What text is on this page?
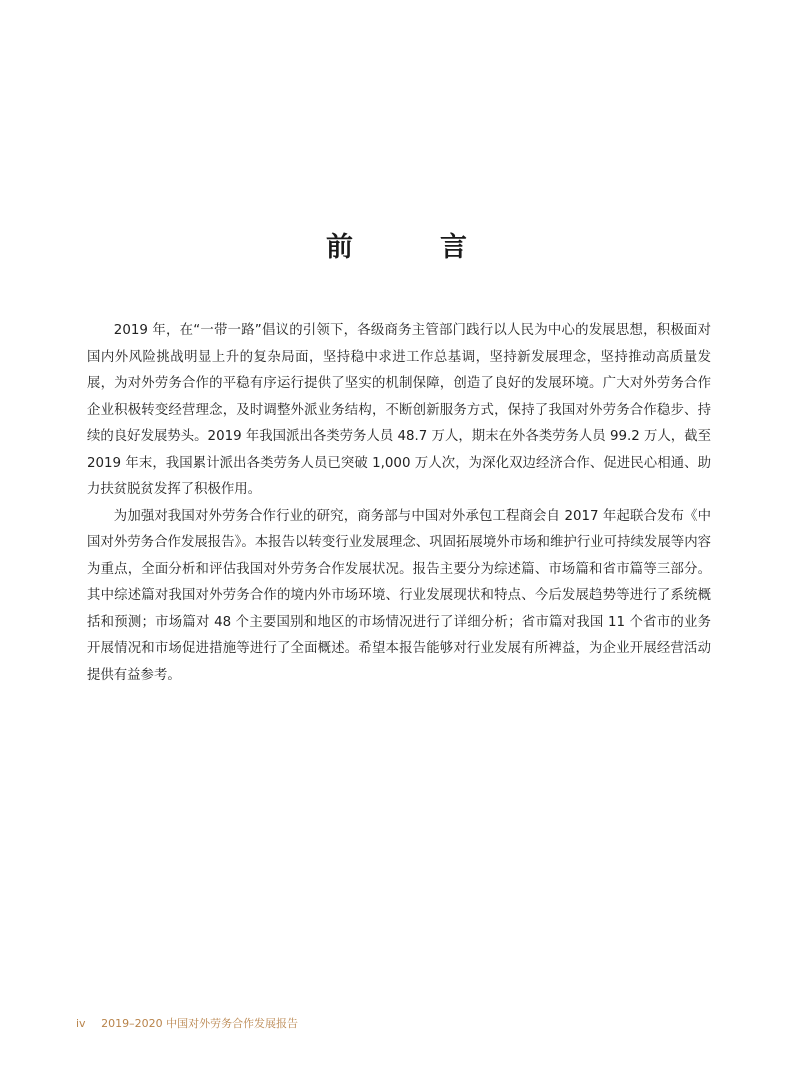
前　言

2019 年，在“一带一路”倡议的引领下，各级商务主管部门践行以人民为中心的发展思想，积极面对国内外风险挑战明显上升的复杂局面，坚持稳中求进工作总基调，坚持新发展理念，坚持推动高质量发展，为对外劳务合作的平稳有序运行提供了坚实的机制保障，创造了良好的发展环境。广大对外劳务合作企业积极转变经营理念，及时调整外派业务结构，不断创新服务方式，保持了我国对外劳务合作稳步、持续的良好发展势头。2019 年我国派出各类劳务人员 48.7 万人，期末在外各类劳务人员 99.2 万人，截至 2019 年末，我国累计派出各类劳务人员已突破 1,000 万人次，为深化双边经济合作、促进民心相通、助力扶贫脱贫发挥了积极作用。

为加强对我国对外劳务合作行业的研究，商务部与中国对外承包工程商会自 2017 年起联合发布《中国对外劳务合作发展报告》。本报告以转变行业发展理念、巩固拓展境外市场和维护行业可持续发展等内容为重点，全面分析和评估我国对外劳务合作发展状况。报告主要分为综述篇、市场篇和省市篇等三部分。其中综述篇对我国对外劳务合作的境内外市场环境、行业发展现状和特点、今后发展趋势等进行了系统概括和预测；市场篇对 48 个主要国别和地区的市场情况进行了详细分析；省市篇对我国 11 个省市的业务开展情况和市场促进措施等进行了全面概述。希望本报告能够对行业发展有所裨益，为企业开展经营活动提供有益参考。

iv 2019–2020 中国对外劳务合作发展报告
